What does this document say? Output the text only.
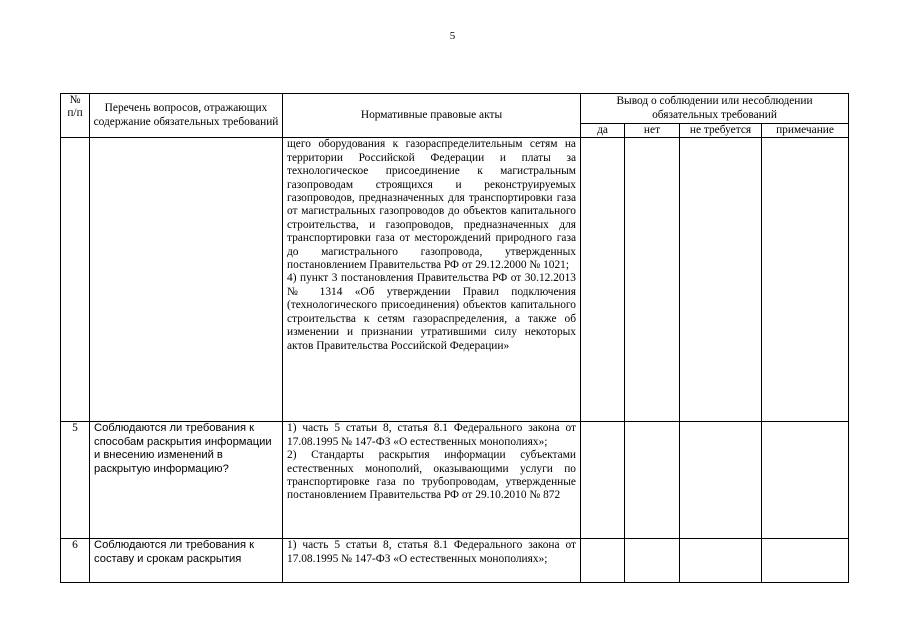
5
№ п/п	Перечень вопросов, отражающих содержание обязательных требований	Нормативные правовые акты	Вывод о соблюдении или несоблюдении обязательных требований			
			да	нет	не требуется	примечание

		щего оборудования к газораспределительным сетям на территории Российской Федерации и платы за технологическое присоединение к магистральным газопроводам строящихся и реконструируемых газопроводов, предназначенных для транспортировки газа от магистральных газопроводов до объектов капитального строительства, и газопроводов, предназначенных для транспортировки газа от месторождений природного газа до магистрального газопровода, утвержденных постановлением Правительства РФ от 29.12.2000 № 1021;

4) пункт 3 постановления Правительства РФ от 30.12.2013 № 1314 «Об утверждении Правил подключения (технологического присоединения) объектов капитального строительства к сетям газораспределения, а также об изменении и признании утратившими силу некоторых актов Правительства Российской Федерации»				

5	Соблюдаются ли требования к способам раскрытия информации и внесению изменений в раскрытую информацию?	1) часть 5 статьи 8, статья 8.1 Федерального закона от 17.08.1995 № 147-ФЗ «О естественных монополиях»;

2) Стандарты раскрытия информации субъектами естественных монополий, оказывающими услуги по транспортировке газа по трубопроводам, утвержденные постановлением Правительства РФ от 29.10.2010 № 872				

6	Соблюдаются ли требования к составу и срокам раскрытия	1) часть 5 статьи 8, статья 8.1 Федерального закона от 17.08.1995 № 147-ФЗ «О естественных монополиях»;				
